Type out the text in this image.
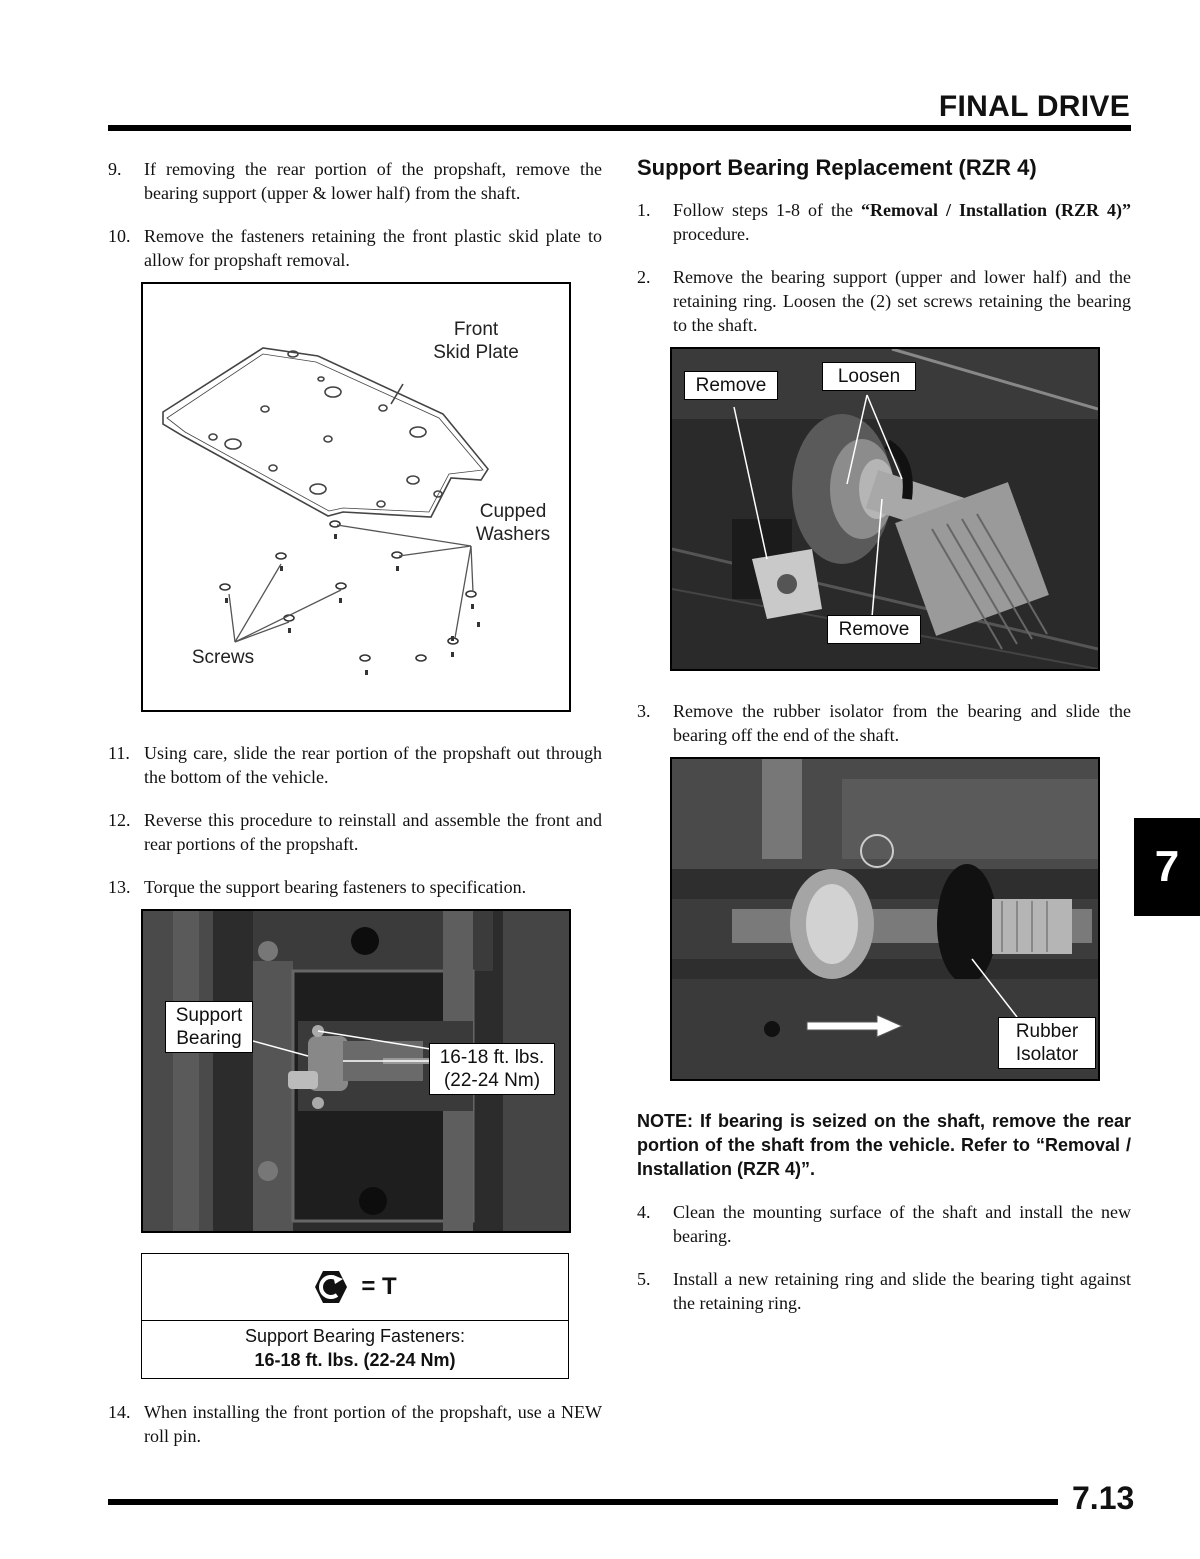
FINAL DRIVE
9. If removing the rear portion of the propshaft, remove the bearing support (upper & lower half) from the shaft.
10. Remove the fasteners retaining the front plastic skid plate to allow for propshaft removal.
Front
Skid Plate
Cupped
Washers
Screws
11. Using care, slide the rear portion of the propshaft out through the bottom of the vehicle.
12. Reverse this procedure to reinstall and assemble the front and rear portions of the propshaft.
13. Torque the support bearing fasteners to specification.
Support
Bearing
16-18 ft. lbs.
(22-24 Nm)
= T
Support Bearing Fasteners:
16-18 ft. lbs. (22-24 Nm)
14. When installing the front portion of the propshaft, use a NEW roll pin.
Support Bearing Replacement (RZR 4)
1. Follow steps 1-8 of the “Removal / Installation (RZR 4)” procedure.
2. Remove the bearing support (upper and lower half) and the retaining ring. Loosen the (2) set screws retaining the bearing to the shaft.
Remove	Loosen
Remove
3. Remove the rubber isolator from the bearing and slide the bearing off the end of the shaft.
Rubber
Isolator
NOTE: If bearing is seized on the shaft, remove the rear portion of the shaft from the vehicle. Refer to “Removal / Installation (RZR 4)”.
4. Clean the mounting surface of the shaft and install the new bearing.
5. Install a new retaining ring and slide the bearing tight against the retaining ring.
7
7.13
